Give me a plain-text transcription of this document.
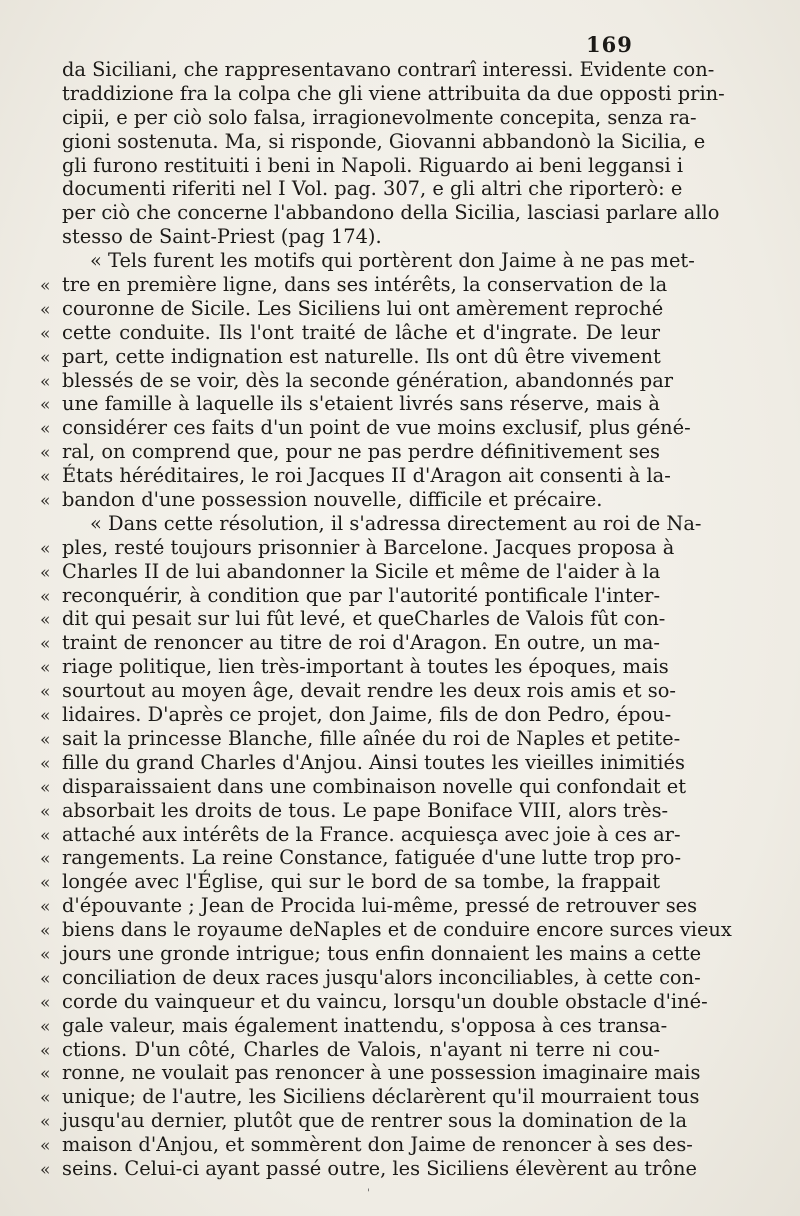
169
da Siciliani, che rappresentavano contrarî interessi. Evidente con-
traddizione fra la colpa che gli viene attribuita da due opposti prin-
cipii, e per ciò solo falsa, irragionevolmente concepita, senza ra-
gioni sostenuta. Ma, si risponde, Giovanni abbandonò la Sicilia, e
gli furono restituiti i beni in Napoli. Riguardo ai beni leggansi i
documenti riferiti nel I Vol. pag. 307, e gli altri che riporterò: e
per ciò che concerne l'abbandono della Sicilia, lasciasi parlare allo
stesso de Saint-Priest (pag 174).
« Tels furent les motifs qui portèrent don Jaime à ne pas met-
« tre en première ligne, dans ses intérêts, la conservation de la
« couronne de Sicile. Les Siciliens lui ont amèrement reproché
« cette conduite. Ils l'ont traité de lâche et d'ingrate. De leur
« part, cette indignation est naturelle. Ils ont dû être vivement
« blessés de se voir, dès la seconde génération, abandonnés par
« une famille à laquelle ils s'etaient livrés sans réserve, mais à
« considérer ces faits d'un point de vue moins exclusif, plus géné-
« ral, on comprend que, pour ne pas perdre définitivement ses
« États héréditaires, le roi Jacques II d'Aragon ait consenti à la-
« bandon d'une possession nouvelle, difficile et précaire.
« Dans cette résolution, il s'adressa directement au roi de Na-
« ples, resté toujours prisonnier à Barcelone. Jacques proposa à
« Charles II de lui abandonner la Sicile et même de l'aider à la
« reconquérir, à condition que par l'autorité pontificale l'inter-
« dit qui pesait sur lui fût levé, et queCharles de Valois fût con-
« traint de renoncer au titre de roi d'Aragon. En outre, un ma-
« riage politique, lien très-important à toutes les époques, mais
« sourtout au moyen âge, devait rendre les deux rois amis et so-
« lidaires. D'après ce projet, don Jaime, fils de don Pedro, épou-
« sait la princesse Blanche, fille aînée du roi de Naples et petite-
« fille du grand Charles d'Anjou. Ainsi toutes les vieilles inimitiés
« disparaissaient dans une combinaison novelle qui confondait et
« absorbait les droits de tous. Le pape Boniface VIII, alors très-
« attaché aux intérêts de la France. acquiesça avec joie à ces ar-
« rangements. La reine Constance, fatiguée d'une lutte trop pro-
« longée avec l'Église, qui sur le bord de sa tombe, la frappait
« d'épouvante ; Jean de Procida lui-même, pressé de retrouver ses
« biens dans le royaume deNaples et de conduire encore surces vieux
« jours une gronde intrigue; tous enfin donnaient les mains a cette
« conciliation de deux races jusqu'alors inconciliables, à cette con-
« corde du vainqueur et du vaincu, lorsqu'un double obstacle d'iné-
« gale valeur, mais également inattendu, s'opposa à ces transa-
« ctions. D'un côté, Charles de Valois, n'ayant ni terre ni cou-
« ronne, ne voulait pas renoncer à une possession imaginaire mais
« unique; de l'autre, les Siciliens déclarèrent qu'il mourraient tous
« jusqu'au dernier, plutôt que de rentrer sous la domination de la
« maison d'Anjou, et sommèrent don Jaime de renoncer à ses des-
« seins. Celui-ci ayant passé outre, les Siciliens élevèrent au trône
'
